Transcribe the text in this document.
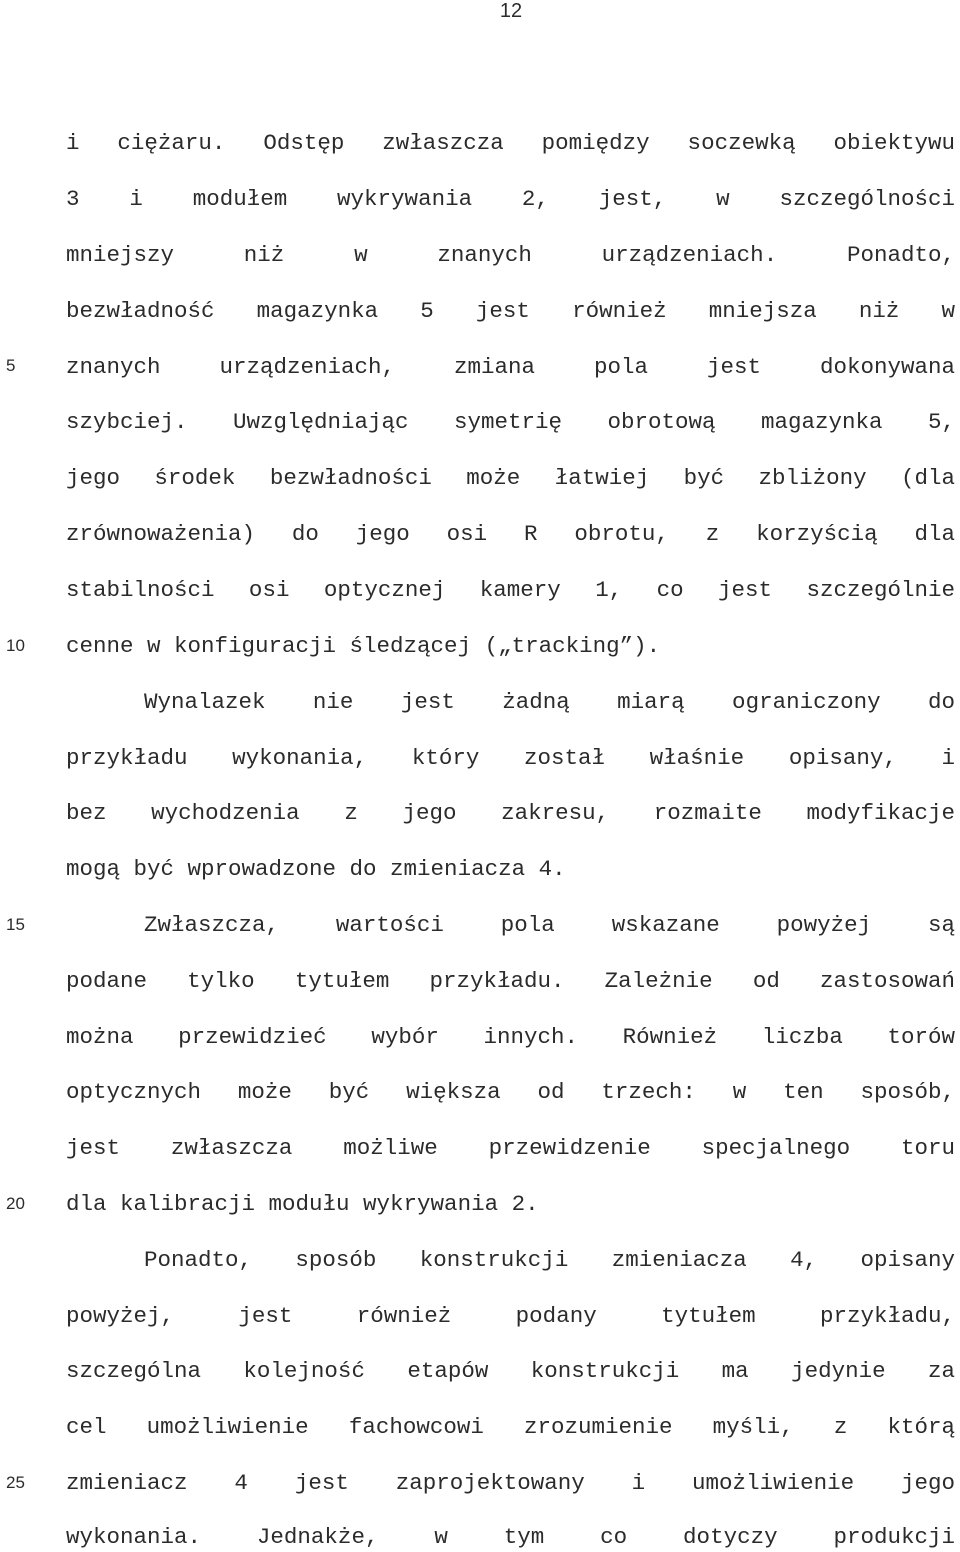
12
5
10
15
20
25
i ciężaru. Odstęp zwłaszcza pomiędzy soczewką obiektywu
3 i modułem wykrywania 2, jest, w szczególności
mniejszy niż w znanych urządzeniach. Ponadto,
bezwładność magazynka 5 jest również mniejsza niż w
znanych urządzeniach, zmiana pola jest dokonywana
szybciej. Uwzględniając symetrię obrotową magazynka 5,
jego środek bezwładności może łatwiej być zbliżony (dla
zrównoważenia) do jego osi R obrotu, z korzyścią dla
stabilności osi optycznej kamery 1, co jest szczególnie
cenne w konfiguracji śledzącej („tracking”).
Wynalazek nie jest żadną miarą ograniczony do
przykładu wykonania, który został właśnie opisany, i
bez wychodzenia z jego zakresu, rozmaite modyfikacje
mogą być wprowadzone do zmieniacza 4.
Zwłaszcza, wartości pola wskazane powyżej są
podane tylko tytułem przykładu. Zależnie od zastosowań
można przewidzieć wybór innych. Również liczba torów
optycznych może być większa od trzech: w ten sposób,
jest zwłaszcza możliwe przewidzenie specjalnego toru
dla kalibracji modułu wykrywania 2.
Ponadto, sposób konstrukcji zmieniacza 4, opisany
powyżej, jest również podany tytułem przykładu,
szczególna kolejność etapów konstrukcji ma jedynie za
cel umożliwienie fachowcowi zrozumienie myśli, z którą
zmieniacz 4 jest zaprojektowany i umożliwienie jego
wykonania. Jednakże, w tym co dotyczy produkcji
